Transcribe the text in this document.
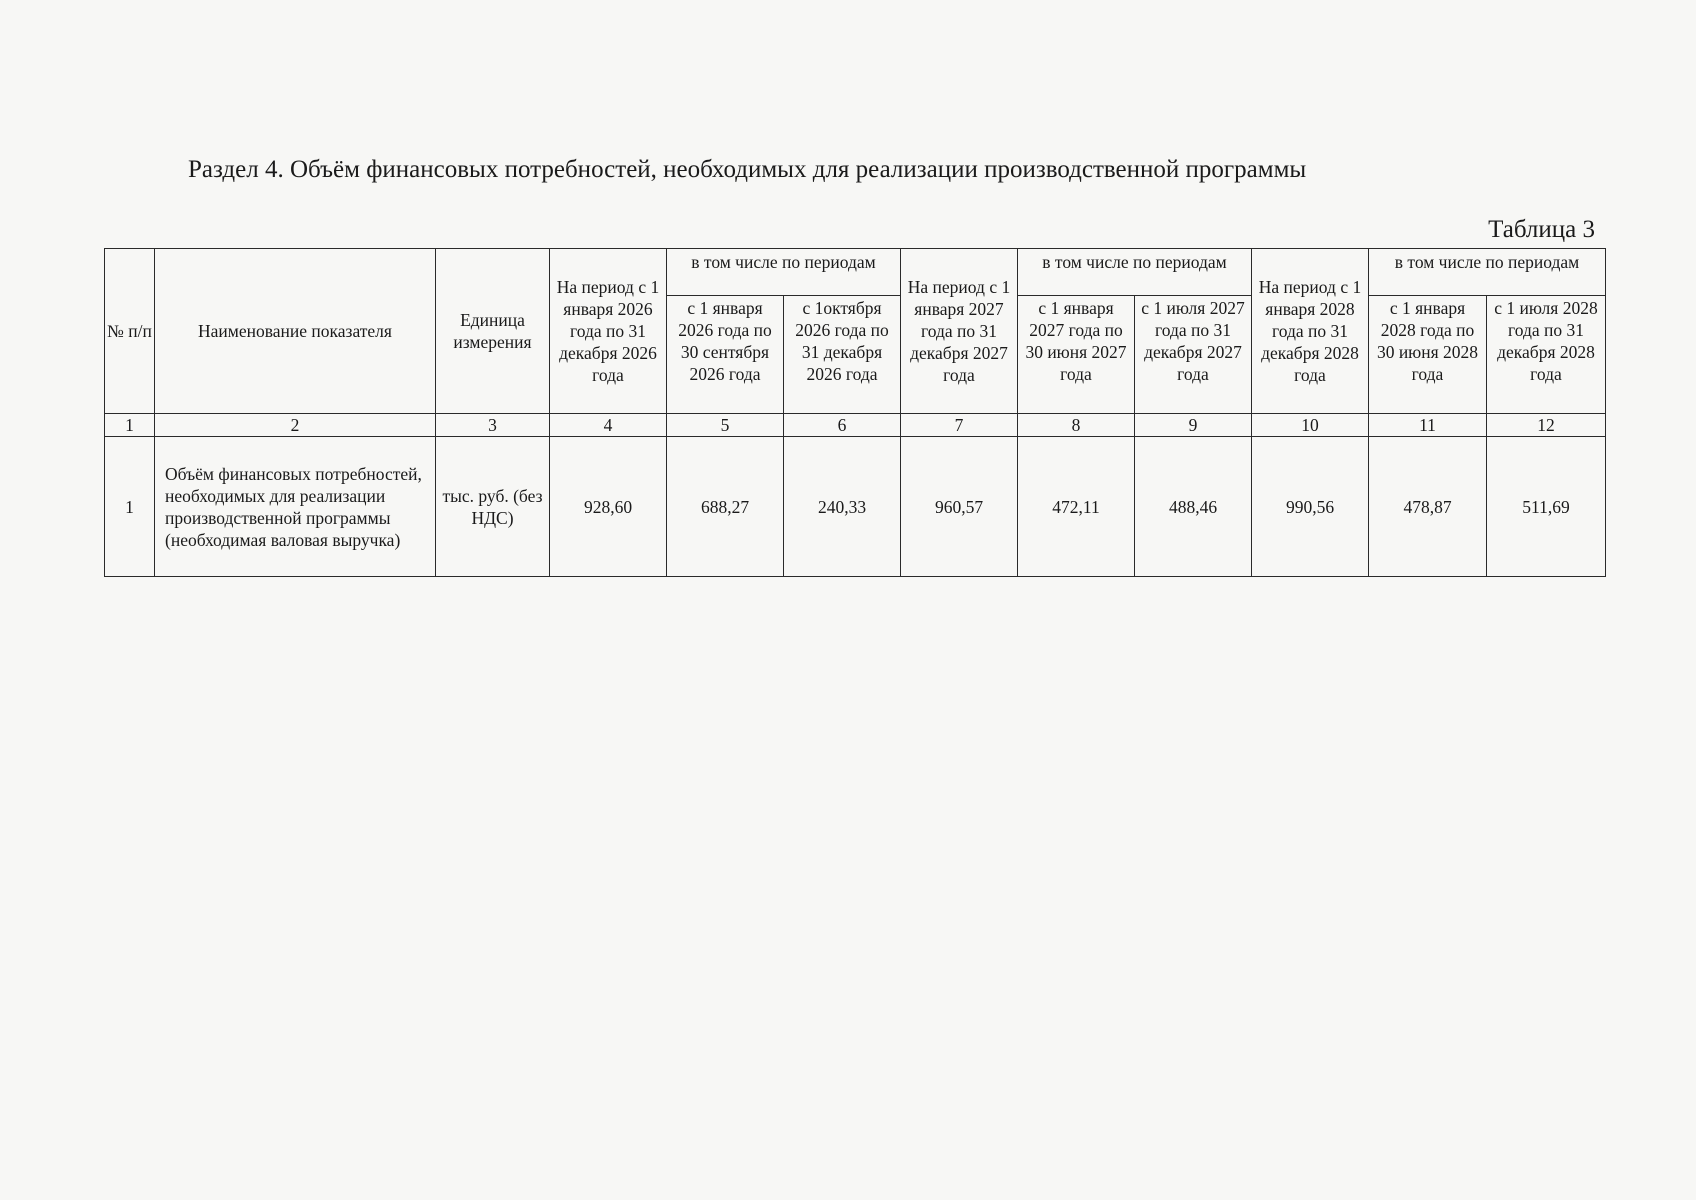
Раздел 4. Объём финансовых потребностей, необходимых для реализации производственной программы
Таблица 3
№ п/п	Наименование показателя	Единица измерения	На период с 1 января 2026 года по 31 декабря 2026 года	в том числе по периодам		На период с 1 января 2027 года по 31 декабря 2027 года	в том числе по периодам		На период с 1 января 2028 года по 31 декабря 2028 года	в том числе по периодам	
				с 1 января 2026 года по 30 сентября 2026 года	с 1октября 2026 года по 31 декабря 2026 года		с 1 января 2027 года по 30 июня 2027 года	с 1 июля 2027 года по 31 декабря 2027 года		с 1 января 2028 года по 30 июня 2028 года	с 1 июля 2028 года по 31 декабря 2028 года
1	2	3	4	5	6	7	8	9	10	11	12
1	Объём финансовых потребностей, необходимых для реализации производственной программы (необходимая валовая выручка)	тыс. руб. (без НДС)	928,60	688,27	240,33	960,57	472,11	488,46	990,56	478,87	511,69
